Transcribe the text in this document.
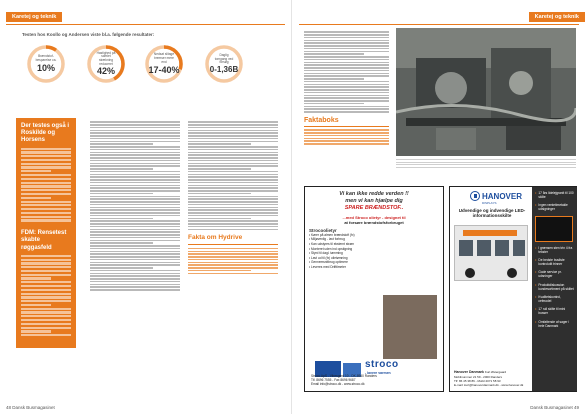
Karetej og teknik
Testen hos Koollo og Andersen viste bl.a. følgende resultater:
Brændstof-besparelse ca.
10%
Hastighed på samlet strækning reduceret
42%
Nedsat slitage bremser mere end
17-40%
Daglig tomgang ved forsøg
0-1,36B
Der testes også i Roskilde og Horsens
FDM: Rensetest skabte røggasfeld
Fakta om Hydrive
48 Dansk Busmagasinet
Karetej og teknik
Faktaboks
Vi kan ikke redde verden !!
men vi kan hjælpe dig
SPARE BRÆNDSTOF..
...med Stroco olietyr - designet til
at forsøre brændstofsforbruget
Strocoolietyr
• Kører på almen brændstoft (fx)
• Miljøvenlig - lavt forbrug
• Kan udstyres til eksternt strøm
• Monteret uden ind opstigning
• Styrd til dagl. tømming
• Lavt ud til (fx) olietømning
• Gennemsnitbrug optimere
• Leveres med Drifttimeter
stroco
- lavere varmen
Stroco ApS - Vibesgerd 10 - DK-8940 Randers
Tlf. 8696 7555 - Fax 8696 9687
Email info@stroco.dk - www.stroco.dk
HANOVER
DISPLAYS
Udvendige og indvendige LED-informationsskilte
Hanover Danmark Kurt Østergaard
Mobilnummer 21 59 - 2000 Randers
Tlf: 86 45 38 86 - Mobil 2071 58 93
E-mail: kurt@hanoverdanmark.dk - www.hanover.dk
• 17 års lidelejgranit til 100 skilte
• Ingen ventetimetakle udsigninger
• I grænsen sten trin 4 fra tekster
• De bedste busliste kontrolutit trinner
• Gode service pr. udsninger
• Produktdiskussion kundesortiment på skiltet
• Kvalitetskontrol, cefmodel
• 17 rull skilte til mini busser
• Omfattende af sager i hele Danmark
Dansk Busmagasinet 49
